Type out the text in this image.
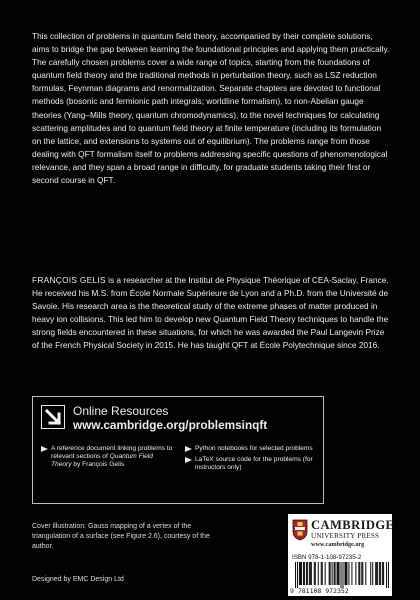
This collection of problems in quantum field theory, accompanied by their complete solutions, aims to bridge the gap between learning the foundational principles and applying them practically. The carefully chosen problems cover a wide range of topics, starting from the foundations of quantum field theory and the traditional methods in perturbation theory, such as LSZ reduction formulas, Feynman diagrams and renormalization. Separate chapters are devoted to functional methods (bosonic and fermionic path integrals; worldline formalism), to non-Abelian gauge theories (Yang–Mills theory, quantum chromodynamics), to the novel techniques for calculating scattering amplitudes and to quantum field theory at finite temperature (including its formulation on the lattice, and extensions to systems out of equilibrium). The problems range from those dealing with QFT formalism itself to problems addressing specific questions of phenomenological relevance, and they span a broad range in difficulty, for graduate students taking their first or second course in QFT.

FRANÇOIS GELIS is a researcher at the Institut de Physique Théorique of CEA-Saclay, France. He received his M.S. from École Normale Supérieure de Lyon and a Ph.D. from the Université de Savoie. His research area is the theoretical study of the extreme phases of matter produced in heavy ion collisions. This led him to develop new Quantum Field Theory techniques to handle the strong fields encountered in these situations, for which he was awarded the Paul Langevin Prize of the French Physical Society in 2015. He has taught QFT at École Polytechnique since 2016.
Online Resources
www.cambridge.org/problemsinqft
A reference document linking problems to relevant sections of Quantum Field Theory by François Gelis
Python notebooks for selected problems
LaTeX source code for the problems (for instructors only)
Cover illustration: Gauss mapping of a vertex of the triangulation of a surface (see Figure 2.6), courtesy of the author.
Designed by EMC Design Ltd
CAMBRIDGE
UNIVERSITY PRESS
www.cambridge.org
ISBN 978-1-108-97235-2
9 781108 972352
